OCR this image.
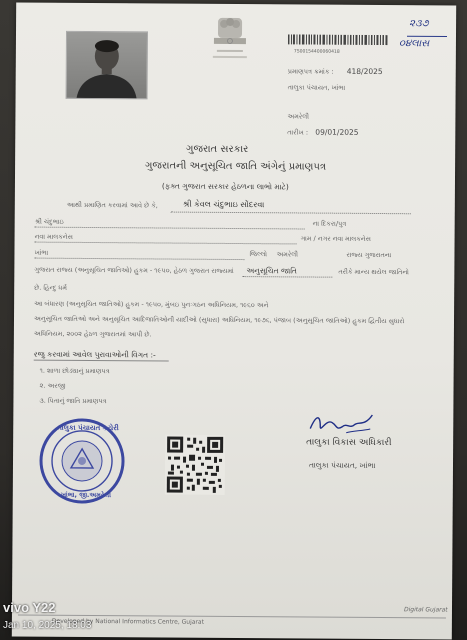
7S00154400060418
૨૩૭
૦૪લાસ
પ્રમાણપત્ર ક્રમાંક : 418/2025
તાલુકા પંચાયત, ખાંભા
અમરેલી
તારીખ : 09/01/2025
ગુજરાત સરકાર
ગુજરાતની અનુસૂચિત જાતિ અંગેનું પ્રમાણપત્ર
(ફક્ત ગુજરાત સરકાર હેઠળના લાભો માટે)
આથી પ્રમાણિત કરવામાં આવે છે કે,	શ્રી કેવલ ચંદુભાઇ સોંદરવા
શ્રી ચંદુભાઇ	ના દિકરા/પુત્ર
નવા માલકનેસ	ગામ / નગર નવા માલકનેસ
ખાંભા	જિલ્લો અમરેલી	રાજ્ય ગુજરાતના
ગુજરાત રાજ્ય (અનુસૂચિત જાતિઓ) હુકમ - ૧૯૫૦, હેઠળ ગુજરાત રાજ્યમાં અનુસૂચિત જાતિ	તરીકે માન્ય થયેલ જાતિનો
છે. હિન્દુ ધર્મ
આ બંધારણ (અનુસૂચિત જાતિઓ) હુકમ - ૧૯૫૦, મુંબઇ પુનઃગઠન અધિનિયમ, ૧૯૬૦ અને
અનુસૂચિત જાતિઓ અને અનુસૂચિત આદિજાતિઓની યાદીઓ (સુધારા) અધિનિયમ, ૧૯૭૬, પંજાબ (અનુસૂચિત જાતિઓ) હુકમ દ્વિતીય સુધારો
અધિનિયમ, ૨૦૦૨ હેઠળ ગુજરાતમાં આપી છે.
રજુ કરવામાં આવેલ પુરાવાઓની વિગત :-
૧. શાળા છોડ્યાનું પ્રમાણપત્ર
૨. અરજી
૩. પિતાનું જાતિ પ્રમાણપત્ર
તાલુકા પંચાયત કચેરી
ખાંભા, જી.અમરેલી
તાલુકા વિકાસ અધિકારી
તાલુકા પંચાયત, ખાંભા
Developed by National Informatics Centre, Gujarat
Digital Gujarat
vivo Y22
Jan 10, 2025, 18:03
